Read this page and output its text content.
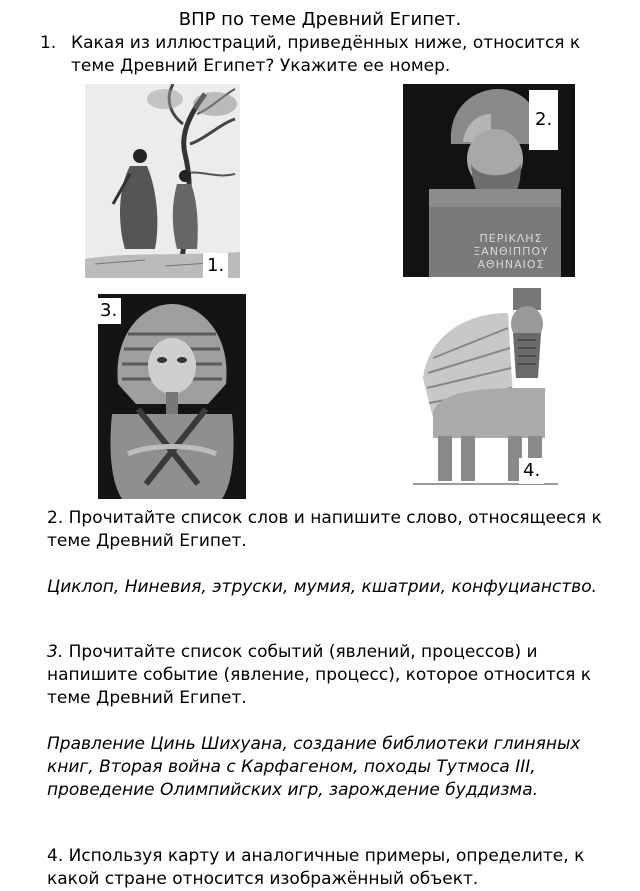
ВПР по теме Древний Египет.
1. Какая из иллюстраций, приведённых ниже, относится к теме Древний Египет? Укажите ее номер.
1.
ΠΕΡΙΚΛΗΣ
ΞΑΝΘΙΠΠΟΥ
ΑΘΗΝΑΙΟΣ
2.
3.
4.

2. Прочитайте список слов и напишите слово, относящееся к теме Древний Египет.

Циклоп, Ниневия, этруски, мумия, кшатрии, конфуцианство.

3. Прочитайте список событий (явлений, процессов) и напишите событие (явление, процесс), которое относится к теме Древний Египет.

Правление Цинь Шихуана, создание библиотеки глиняных книг, Вторая война с Карфагеном, походы Тутмоса III, проведение Олимпийских игр, зарождение буддизма.

4. Используя карту и аналогичные примеры, определите, к какой стране относится изображённый объект.
